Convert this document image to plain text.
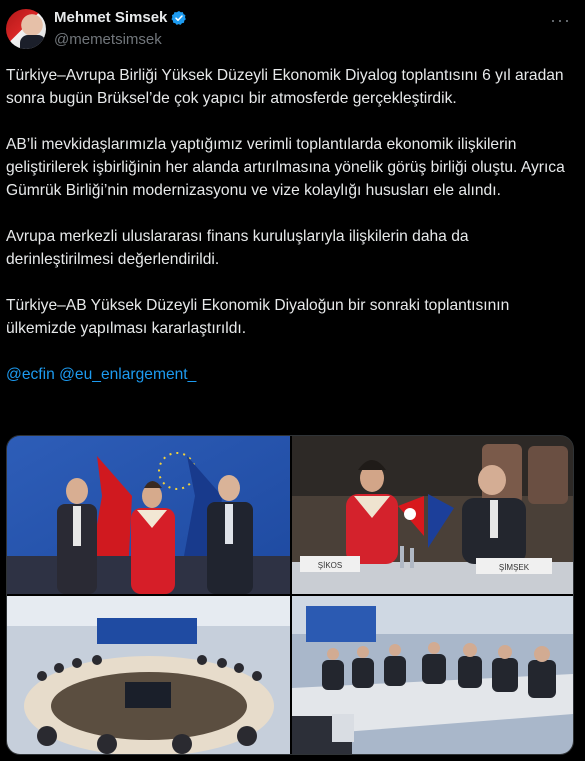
Mehmet Simsek
@memetsimsek
···

Türkiye–Avrupa Birliği Yüksek Düzeyli Ekonomik Diyalog toplantısını 6 yıl aradan sonra bugün Brüksel’de çok yapıcı bir atmosferde gerçekleştirdik.

AB’li mevkidaşlarımızla yaptığımız verimli toplantılarda ekonomik ilişkilerin geliştirilerek işbirliğinin her alanda artırılmasına yönelik görüş birliği oluştu. Ayrıca Gümrük Birliği’nin modernizasyonu ve vize kolaylığı hususları ele alındı.

Avrupa merkezli uluslararası finans kuruluşlarıyla ilişkilerin daha da derinleştirilmesi değerlendirildi.

Türkiye–AB Yüksek Düzeyli Ekonomik Diyaloğun bir sonraki toplantısının ülkemizde yapılması kararlaştırıldı.

@ecfin @eu_enlargement_

ŞİKOS	ŞİMŞEK
